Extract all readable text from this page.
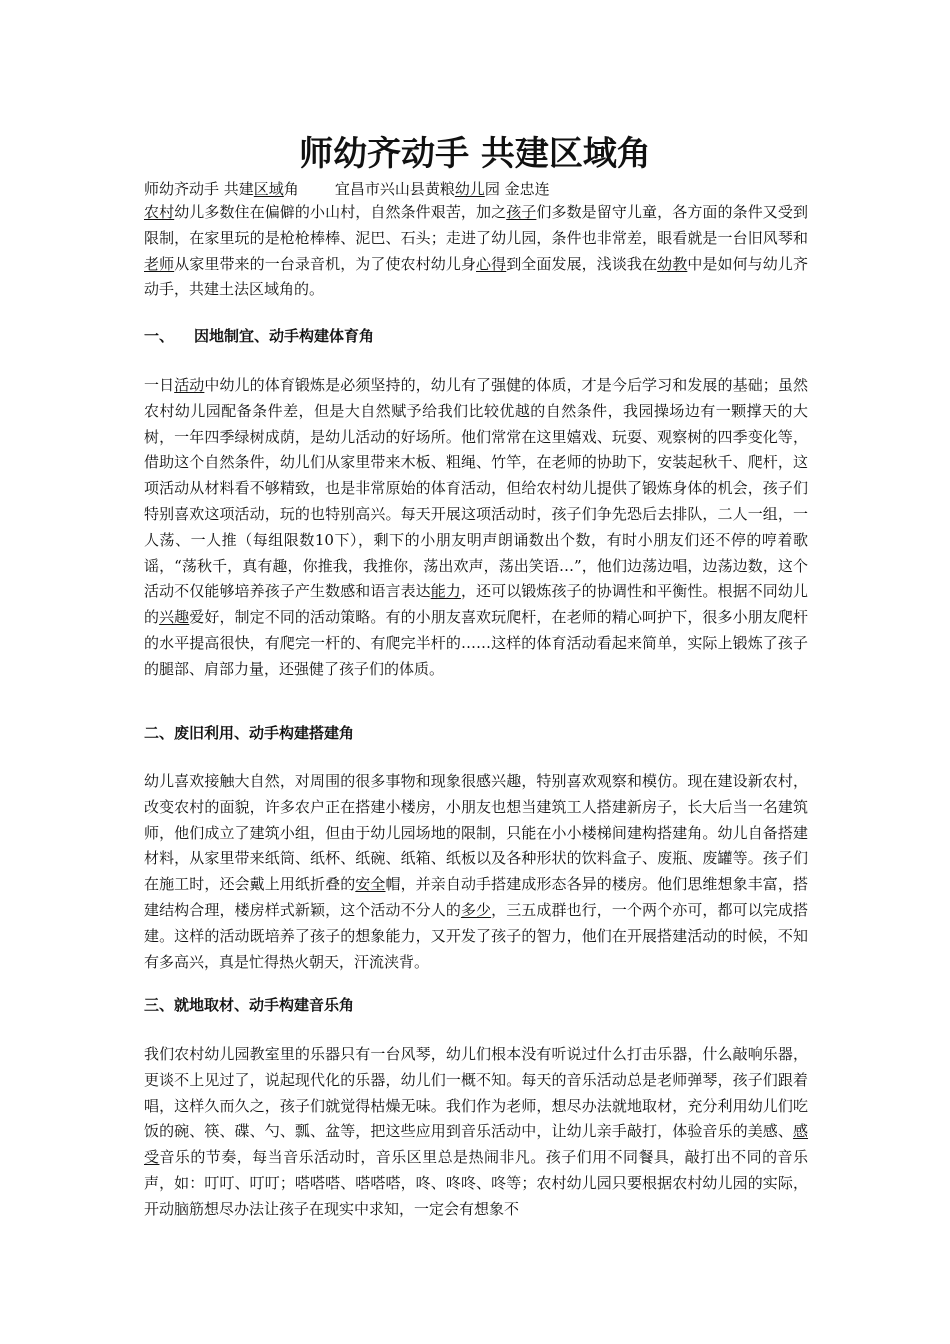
师幼齐动手 共建区域角
师幼齐动手 共建区域角 宜昌市兴山县黄粮幼儿园 金忠连
农村幼儿多数住在偏僻的小山村，自然条件艰苦，加之孩子们多数是留守儿童，各方面的条件又受到限制，在家里玩的是枪枪棒棒、泥巴、石头；走进了幼儿园，条件也非常差，眼看就是一台旧风琴和老师从家里带来的一台录音机，为了使农村幼儿身心得到全面发展，浅谈我在幼教中是如何与幼儿齐动手，共建土法区域角的。
一、 因地制宜、动手构建体育角
一日活动中幼儿的体育锻炼是必须坚持的，幼儿有了强健的体质，才是今后学习和发展的基础；虽然农村幼儿园配备条件差，但是大自然赋予给我们比较优越的自然条件，我园操场边有一颗撑天的大树，一年四季绿树成荫，是幼儿活动的好场所。他们常常在这里嬉戏、玩耍、观察树的四季变化等，借助这个自然条件，幼儿们从家里带来木板、粗绳、竹竿，在老师的协助下，安装起秋千、爬杆，这项活动从材料看不够精致，也是非常原始的体育活动，但给农村幼儿提供了锻炼身体的机会，孩子们特别喜欢这项活动，玩的也特别高兴。每天开展这项活动时，孩子们争先恐后去排队，二人一组，一人荡、一人推（每组限数10下），剩下的小朋友明声朗诵数出个数，有时小朋友们还不停的哼着歌谣，“荡秋千，真有趣，你推我，我推你，荡出欢声，荡出笑语…”，他们边荡边唱，边荡边数，这个活动不仅能够培养孩子产生数感和语言表达能力，还可以锻炼孩子的协调性和平衡性。根据不同幼儿的兴趣爱好，制定不同的活动策略。有的小朋友喜欢玩爬杆，在老师的精心呵护下，很多小朋友爬杆的水平提高很快，有爬完一杆的、有爬完半杆的……这样的体育活动看起来简单，实际上锻炼了孩子的腿部、肩部力量，还强健了孩子们的体质。
二、废旧利用、动手构建搭建角
幼儿喜欢接触大自然，对周围的很多事物和现象很感兴趣，特别喜欢观察和模仿。现在建设新农村，改变农村的面貌，许多农户正在搭建小楼房，小朋友也想当建筑工人搭建新房子，长大后当一名建筑师，他们成立了建筑小组，但由于幼儿园场地的限制，只能在小小楼梯间建构搭建角。幼儿自备搭建材料，从家里带来纸筒、纸杯、纸碗、纸箱、纸板以及各种形状的饮料盒子、废瓶、废罐等。孩子们在施工时，还会戴上用纸折叠的安全帽，并亲自动手搭建成形态各异的楼房。他们思维想象丰富，搭建结构合理，楼房样式新颖，这个活动不分人的多少，三五成群也行，一个两个亦可，都可以完成搭建。这样的活动既培养了孩子的想象能力，又开发了孩子的智力，他们在开展搭建活动的时候，不知有多高兴，真是忙得热火朝天，汗流浃背。
三、就地取材、动手构建音乐角
我们农村幼儿园教室里的乐器只有一台风琴，幼儿们根本没有听说过什么打击乐器，什么敲响乐器，更谈不上见过了，说起现代化的乐器，幼儿们一概不知。每天的音乐活动总是老师弹琴，孩子们跟着唱，这样久而久之，孩子们就觉得枯燥无味。我们作为老师，想尽办法就地取材，充分利用幼儿们吃饭的碗、筷、碟、勺、瓢、盆等，把这些应用到音乐活动中，让幼儿亲手敲打，体验音乐的美感、感受音乐的节奏，每当音乐活动时，音乐区里总是热闹非凡。孩子们用不同餐具，敲打出不同的音乐声，如：叮叮、叮叮；嗒嗒嗒、嗒嗒嗒，咚、咚咚、咚等；农村幼儿园只要根据农村幼儿园的实际，开动脑筋想尽办法让孩子在现实中求知，一定会有想象不
